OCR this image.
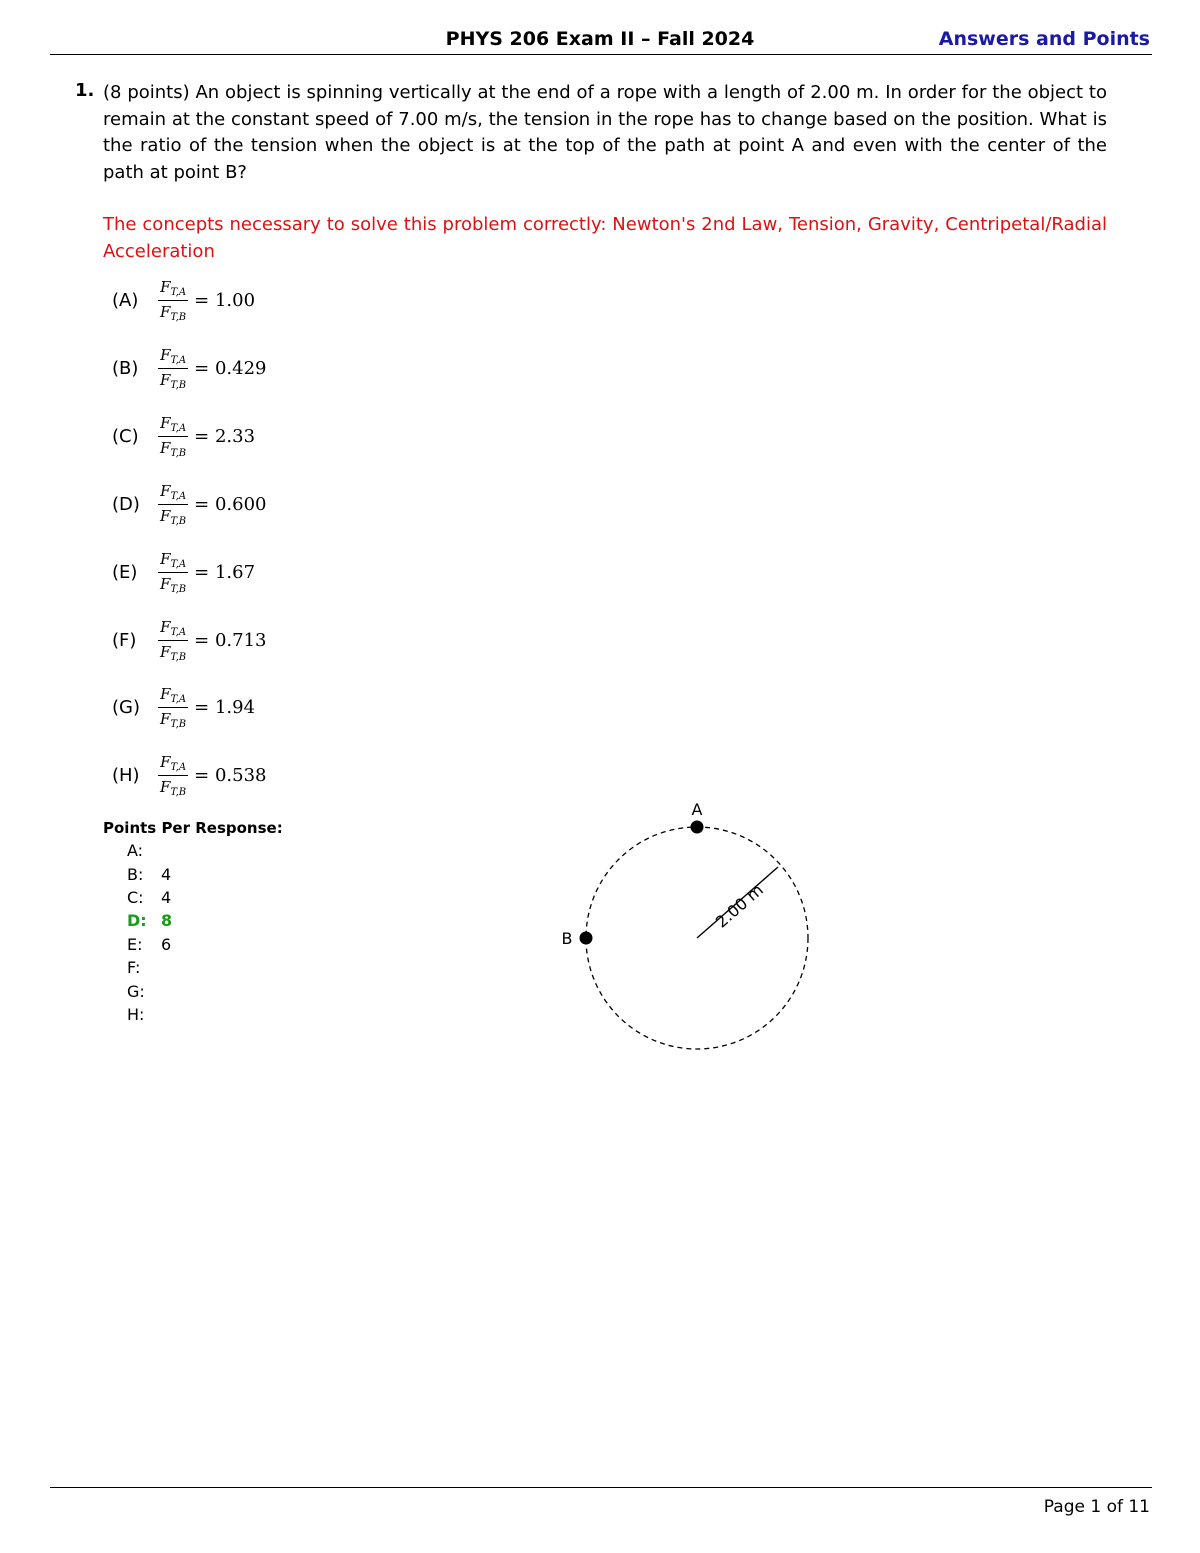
PHYS 206 Exam II – Fall 2024	Answers and Points
1. (8 points) An object is spinning vertically at the end of a rope with a length of 2.00 m. In order for the object to remain at the constant speed of 7.00 m/s, the tension in the rope has to change based on the position. What is the ratio of the tension when the object is at the top of the path at point A and even with the center of the path at point B?
The concepts necessary to solve this problem correctly: Newton's 2nd Law, Tension, Gravity, Centripetal/Radial Acceleration
(A)	$\frac{F_{T,A}}{F_{T,B}} = 1.00$
(B)	$\frac{F_{T,A}}{F_{T,B}} = 0.429$
(C)	$\frac{F_{T,A}}{F_{T,B}} = 2.33$
(D)	$\frac{F_{T,A}}{F_{T,B}} = 0.600$
(E)	$\frac{F_{T,A}}{F_{T,B}} = 1.67$
(F)	$\frac{F_{T,A}}{F_{T,B}} = 0.713$
(G)	$\frac{F_{T,A}}{F_{T,B}} = 1.94$
(H)	$\frac{F_{T,A}}{F_{T,B}} = 0.538$
Points Per Response:
A:
B: 4
C: 4
D: 8
E: 6
F:
G:
H:
A
B
2.00 m
Page 1 of 11
